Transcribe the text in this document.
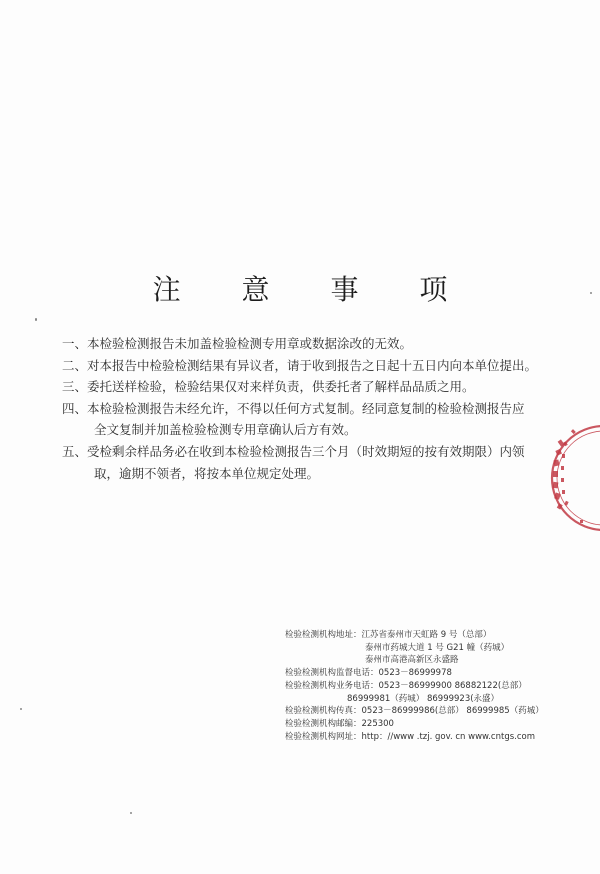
注 意 事 项

一、本检验检测报告未加盖检验检测专用章或数据涂改的无效。

二、对本报告中检验检测结果有异议者，请于收到报告之日起十五日内向本单位提出。

三、委托送样检验，检验结果仅对来样负责，供委托者了解样品品质之用。

四、本检验检测报告未经允许，不得以任何方式复制。经同意复制的检验检测报告应
全文复制并加盖检验检测专用章确认后方有效。

五、受检剩余样品务必在收到本检验检测报告三个月（时效期短的按有效期限）内领
取，逾期不领者，将按本单位规定处理。

检验检测机构地址：江苏省泰州市天虹路 9 号（总部）
泰州市药城大道 1 号 G21 幢（药城）
泰州市高港高新区永盛路
检验检测机构监督电话：0523－86999978
检验检测机构业务电话：0523－86999900 86882122(总部）
86999981（药城） 86999923(永盛）
检验检测机构传真：0523－86999986(总部） 86999985（药城）
检验检测机构邮编：225300
检验检测机构网址：http：//www .tzj. gov. cn www.cntgs.com
